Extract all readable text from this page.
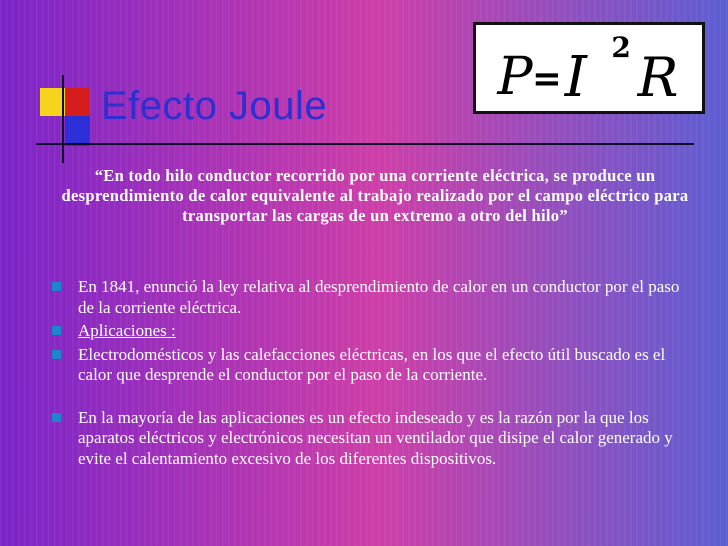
Efecto Joule	P = I 2 R

“En todo hilo conductor recorrido por una corriente eléctrica, se produce un desprendimiento de calor equivalente al trabajo realizado por el campo eléctrico para transportar las cargas de un extremo a otro del hilo”

En 1841, enunció la ley relativa al desprendimiento de calor en un conductor por el paso de la corriente eléctrica.
Aplicaciones :
Electrodomésticos y las calefacciones eléctricas, en los que el efecto útil buscado es el calor que desprende el conductor por el paso de la corriente.
En la mayoría de las aplicaciones es un efecto indeseado y es la razón por la que los aparatos eléctricos y electrónicos necesitan un ventilador que disipe el calor generado y evite el calentamiento excesivo de los diferentes dispositivos.
